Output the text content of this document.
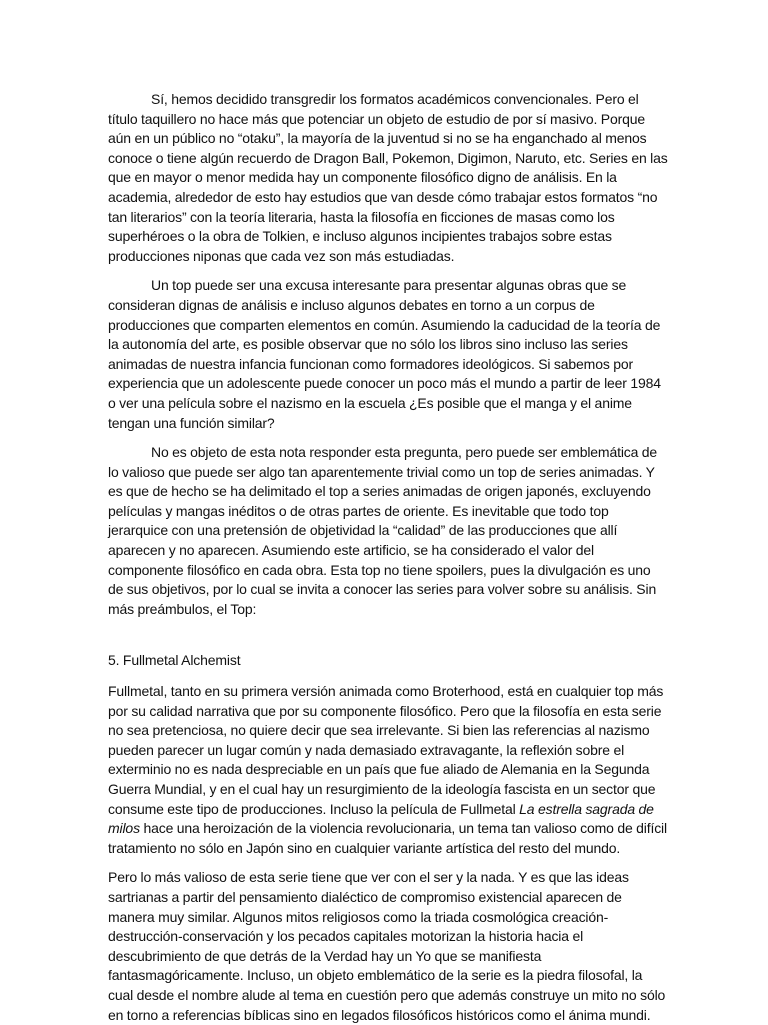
Sí, hemos decidido transgredir los formatos académicos convencionales. Pero el título taquillero no hace más que potenciar un objeto de estudio de por sí masivo. Porque aún en un público no “otaku”, la mayoría de la juventud si no se ha enganchado al menos conoce o tiene algún recuerdo de Dragon Ball, Pokemon, Digimon, Naruto, etc. Series en las que en mayor o menor medida hay un componente filosófico digno de análisis. En la academia, alrededor de esto hay estudios que van desde cómo trabajar estos formatos “no tan literarios” con la teoría literaria, hasta la filosofía en ficciones de masas como los superhéroes o la obra de Tolkien, e incluso algunos incipientes trabajos sobre estas producciones niponas que cada vez son más estudiadas.

Un top puede ser una excusa interesante para presentar algunas obras que se consideran dignas de análisis e incluso algunos debates en torno a un corpus de producciones que comparten elementos en común. Asumiendo la caducidad de la teoría de la autonomía del arte, es posible observar que no sólo los libros sino incluso las series animadas de nuestra infancia funcionan como formadores ideológicos. Si sabemos por experiencia que un adolescente puede conocer un poco más el mundo a partir de leer 1984 o ver una película sobre el nazismo en la escuela ¿Es posible que el manga y el anime tengan una función similar?

No es objeto de esta nota responder esta pregunta, pero puede ser emblemática de lo valioso que puede ser algo tan aparentemente trivial como un top de series animadas. Y es que de hecho se ha delimitado el top a series animadas de origen japonés, excluyendo películas y mangas inéditos o de otras partes de oriente. Es inevitable que todo top jerarquice con una pretensión de objetividad la “calidad” de las producciones que allí aparecen y no aparecen. Asumiendo este artificio, se ha considerado el valor del componente filosófico en cada obra. Esta top no tiene spoilers, pues la divulgación es uno de sus objetivos, por lo cual se invita a conocer las series para volver sobre su análisis. Sin más preámbulos, el Top:

5. Fullmetal Alchemist

Fullmetal, tanto en su primera versión animada como Broterhood, está en cualquier top más por su calidad narrativa que por su componente filosófico. Pero que la filosofía en esta serie no sea pretenciosa, no quiere decir que sea irrelevante. Si bien las referencias al nazismo pueden parecer un lugar común y nada demasiado extravagante, la reflexión sobre el exterminio no es nada despreciable en un país que fue aliado de Alemania en la Segunda Guerra Mundial, y en el cual hay un resurgimiento de la ideología fascista en un sector que consume este tipo de producciones. Incluso la película de Fullmetal La estrella sagrada de milos hace una heroización de la violencia revolucionaria, un tema tan valioso como de difícil tratamiento no sólo en Japón sino en cualquier variante artística del resto del mundo.

Pero lo más valioso de esta serie tiene que ver con el ser y la nada. Y es que las ideas sartrianas a partir del pensamiento dialéctico de compromiso existencial aparecen de manera muy similar. Algunos mitos religiosos como la triada cosmológica creación-destrucción-conservación y los pecados capitales motorizan la historia hacia el descubrimiento de que detrás de la Verdad hay un Yo que se manifiesta fantasmagóricamente. Incluso, un objeto emblemático de la serie es la piedra filosofal, la cual desde el nombre alude al tema en cuestión pero que además construye un mito no sólo en torno a referencias bíblicas sino en legados filosóficos históricos como el ánima mundi.
